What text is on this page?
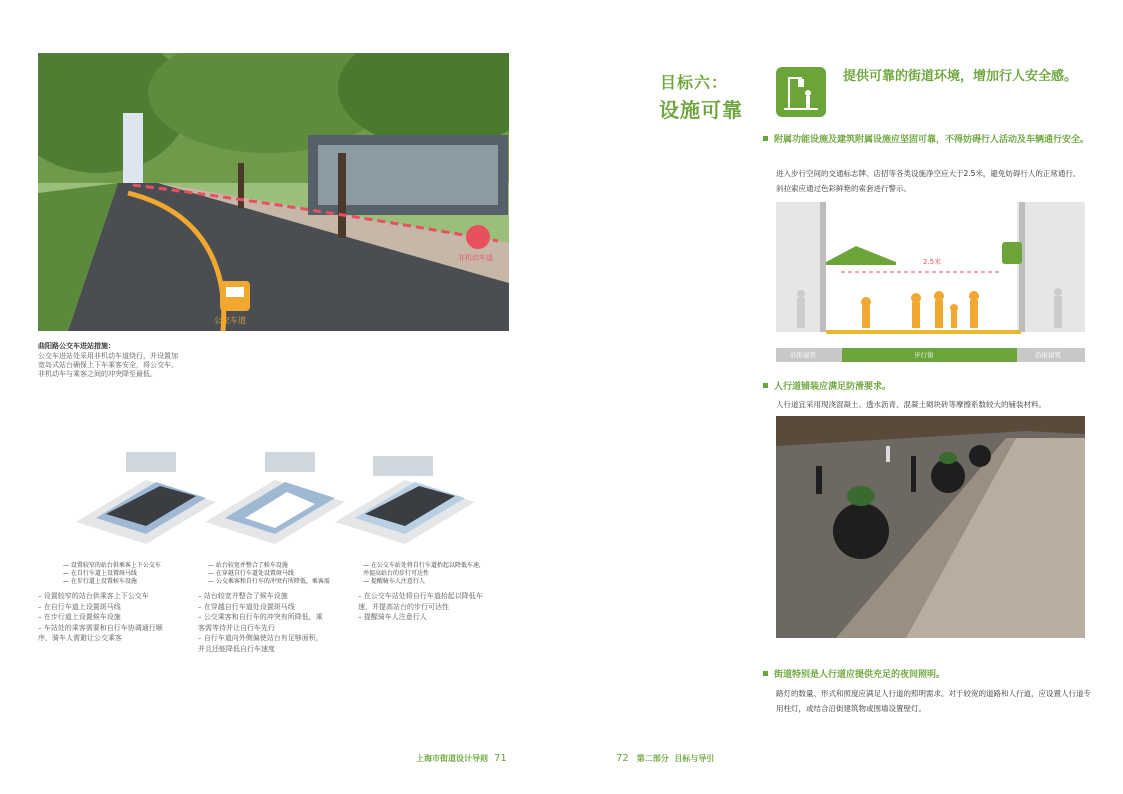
公交车道
非机动车道
曲阳路公交车进站措施：
公交车进站处采用非机动车道绕行，并设置加
宽岛式站台确保上下车乘客安全，将公交车、
非机动车与乘客之间的冲突降至最低。
— 设置较窄的站台供乘客上下公交车
— 在自行车道上设置斑马线
— 在步行道上设置候车设施
— 站台较宽并整合了候车设施
— 在穿越自行车道处设置斑马线
— 公交乘客和自行车的冲突有所降低，乘客需
— 在公交车站处将自行车道抬起以降低车速,
并提高站台的步行可达性
— 提醒骑车人注意行人
– 设置较窄的站台供乘客上下公交车
– 在自行车道上设置斑马线
– 在步行道上设置候车设施
– 车站处的乘客需要和自行车协调通行顺
序，骑车人需避让公交乘客
– 站台较宽并整合了候车设施
– 在穿越自行车道处设置斑马线
– 公交乘客和自行车的冲突有所降低，乘
客需等待并让自行车先行
– 自行车道向外侧偏使站台有足够面积，
并且还能降低自行车速度
– 在公交车站处将自行车道抬起以降低车
速，并提高站台的步行可达性
– 提醒骑车人注意行人
上海市街道设计导则 71
目标六：
设施可靠
提供可靠的街道环境，增加行人安全感。
附属功能设施及建筑附属设施应坚固可靠，不得妨碍行人活动及车辆通行安全。
进入步行空间的交通标志牌、店招等各类设施净空应大于2.5米，避免妨碍行人的正常通行。斜拉索应通过色彩鲜艳的索套进行警示。
2.5米
沿街建筑	步行街	沿街建筑
人行道铺装应满足防滑要求。
人行道宜采用现浇混凝土、透水沥青、混凝土砌块砖等摩擦系数较大的铺装材料。
街道特别是人行道应提供充足的夜间照明。
路灯的数量、形式和照度应满足人行道的照明需求。对于较宽的道路和人行道，应设置人行道专用柱灯，或结合沿街建筑物或围墙设置壁灯。
72 第二部分 目标与导引
